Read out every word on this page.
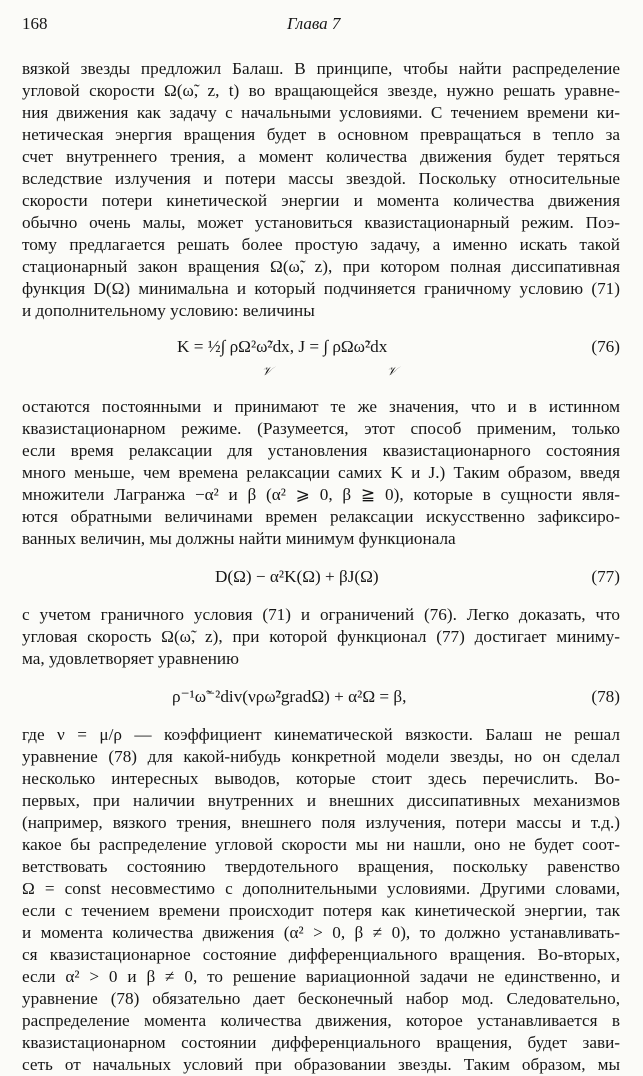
168	Глава 7

вязкой звезды предложил Балаш. В принципе, чтобы найти распределение

угловой скорости Ω(ω̃, z, t) во вращающейся звезде, нужно решать уравне-

ния движения как задачу с начальными условиями. С течением времени ки-

нетическая энергия вращения будет в основном превращаться в тепло за

счет внутреннего трения, а момент количества движения будет теряться

вследствие излучения и потери массы звездой. Поскольку относительные

скорости потери кинетической энергии и момента количества движения

обычно очень малы, может установиться квазистационарный режим. Поэ-

тому предлагается решать более простую задачу, а именно искать такой

стационарный закон вращения Ω(ω̃, z), при котором полная диссипативная

функция D(Ω) минимальна и который подчиняется граничному условию (71)

и дополнительному условию: величины

K = ½∫ ρΩ²ω̃²dx, J = ∫ ρΩω̃²dx
𝒱	𝒱
(76)

остаются постоянными и принимают те же значения, что и в истинном

квазистационарном режиме. (Разумеется, этот способ применим, только

если время релаксации для установления квазистационарного состояния

много меньше, чем времена релаксации самих K и J.) Таким образом, введя

множители Лагранжа −α² и β (α² ⩾ 0, β ≧ 0), которые в сущности явля-

ются обратными величинами времен релаксации искусственно зафиксиро-

ванных величин, мы должны найти минимум функционала

D(Ω) − α²K(Ω) + βJ(Ω)	(77)

с учетом граничного условия (71) и ограничений (76). Легко доказать, что

угловая скорость Ω(ω̃, z), при которой функционал (77) достигает миниму-

ма, удовлетворяет уравнению

ρ⁻¹ω̃⁻²div(νρω̃²gradΩ) + α²Ω = β,	(78)

где ν = μ/ρ — коэффициент кинематической вязкости. Балаш не решал

уравнение (78) для какой-нибудь конкретной модели звезды, но он сделал

несколько интересных выводов, которые стоит здесь перечислить. Во-

первых, при наличии внутренних и внешних диссипативных механизмов

(например, вязкого трения, внешнего поля излучения, потери массы и т.д.)

какое бы распределение угловой скорости мы ни нашли, оно не будет соот-

ветствовать состоянию твердотельного вращения, поскольку равенство

Ω = const несовместимо с дополнительными условиями. Другими словами,

если с течением времени происходит потеря как кинетической энергии, так

и момента количества движения (α² > 0, β ≠ 0), то должно устанавливать-

ся квазистационарное состояние дифференциального вращения. Во-вторых,

если α² > 0 и β ≠ 0, то решение вариационной задачи не единственно, и

уравнение (78) обязательно дает бесконечный набор мод. Следовательно,

распределение момента количества движения, которое устанавливается в

квазистационарном состоянии дифференциального вращения, будет зави-

сеть от начальных условий при образовании звезды. Таким образом, мы
